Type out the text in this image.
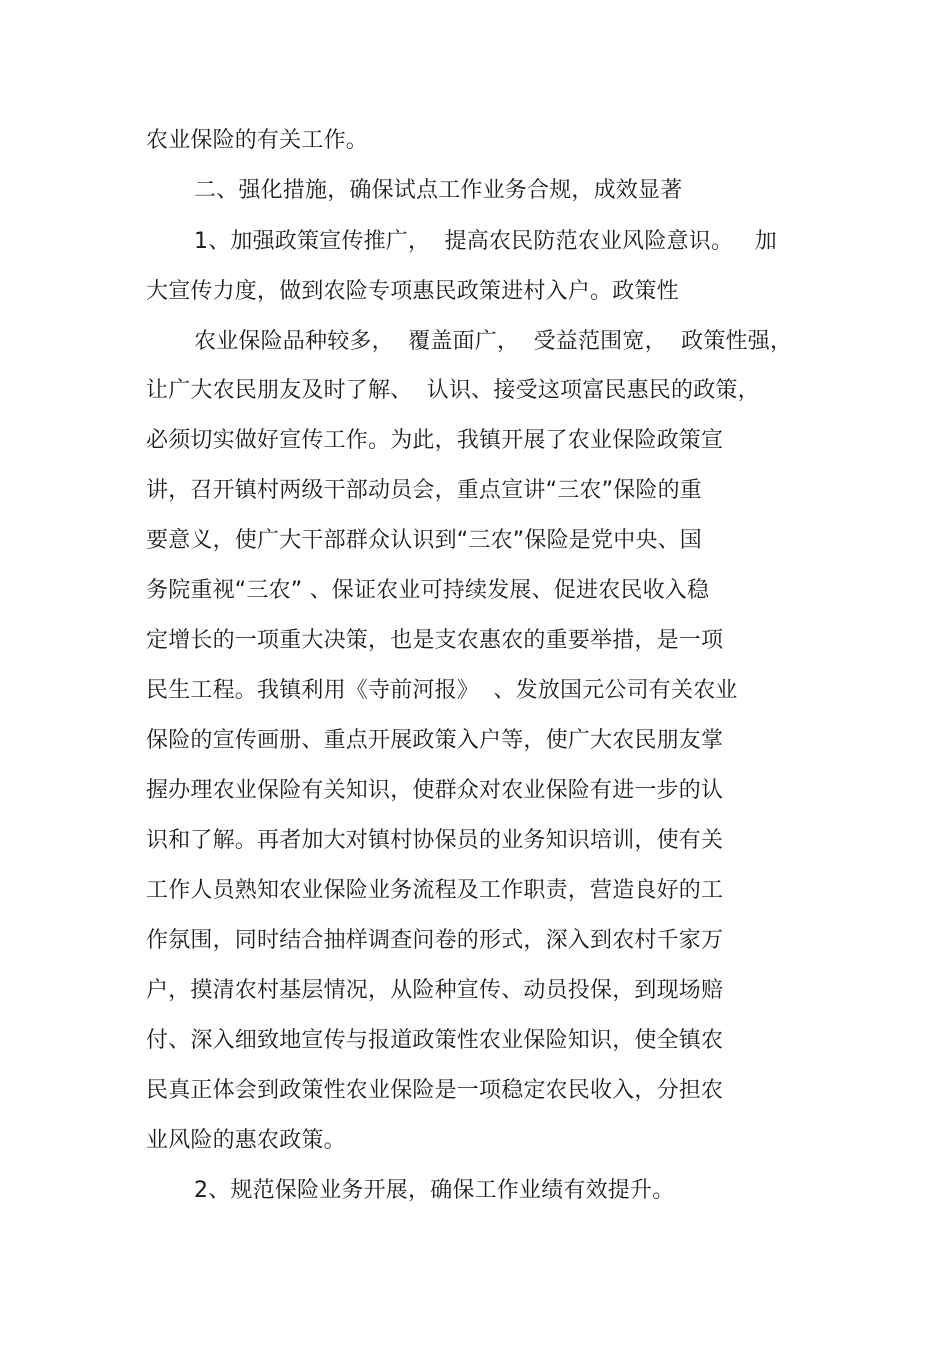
农业保险的有关工作。
二、强化措施，确保试点工作业务合规，成效显著
1、加强政策宣传推广，  提高农民防范农业风险意识。   加
大宣传力度，做到农险专项惠民政策进村入户。政策性
农业保险品种较多，  覆盖面广，  受益范围宽，  政策性强，
让广大农民朋友及时了解、  认识、接受这项富民惠民的政策，
必须切实做好宣传工作。为此，我镇开展了农业保险政策宣
讲，召开镇村两级干部动员会，重点宣讲“三农”保险的重
要意义，使广大干部群众认识到“三农”保险是党中央、国
务院重视“三农” 、保证农业可持续发展、促进农民收入稳
定增长的一项重大决策，也是支农惠农的重要举措，是一项
民生工程。我镇利用《寺前河报》  、发放国元公司有关农业
保险的宣传画册、重点开展政策入户等，使广大农民朋友掌
握办理农业保险有关知识，使群众对农业保险有进一步的认
识和了解。再者加大对镇村协保员的业务知识培训，使有关
工作人员熟知农业保险业务流程及工作职责，营造良好的工
作氛围，同时结合抽样调查问卷的形式，深入到农村千家万
户，摸清农村基层情况，从险种宣传、动员投保，到现场赔
付、深入细致地宣传与报道政策性农业保险知识，使全镇农
民真正体会到政策性农业保险是一项稳定农民收入，分担农
业风险的惠农政策。
2、规范保险业务开展，确保工作业绩有效提升。
